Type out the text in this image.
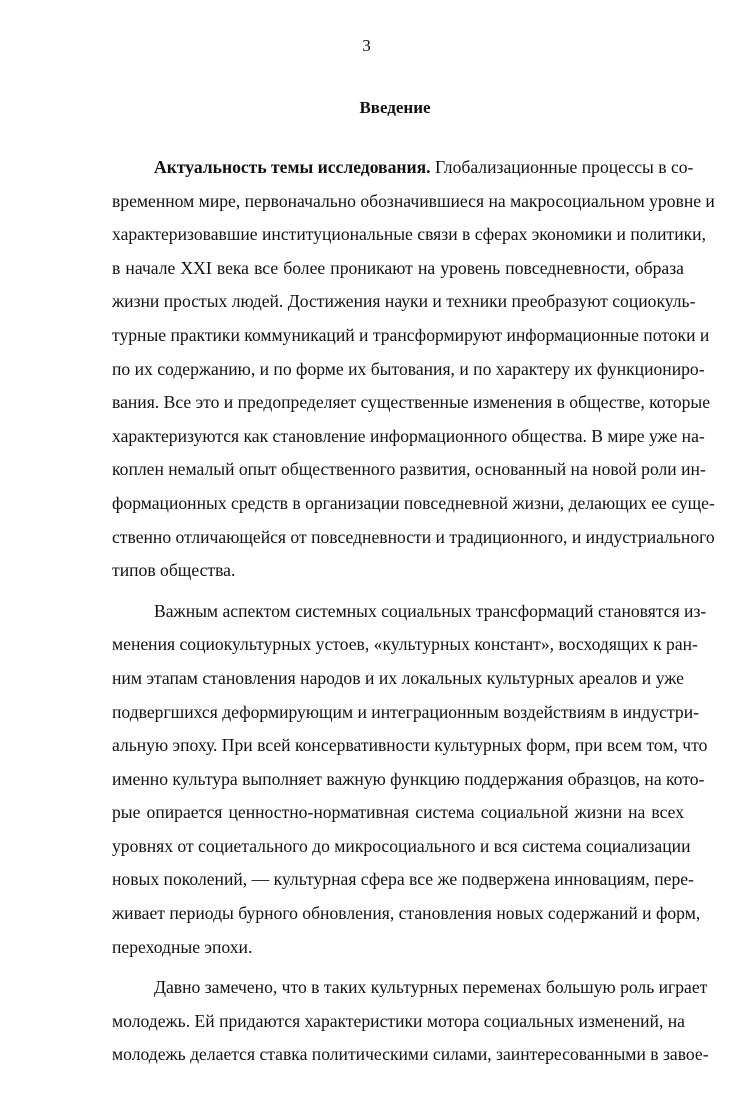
3
Введение
Актуальность темы исследования. Глобализационные процессы в со-
временном мире, первоначально обозначившиеся на макросоциальном уровне и
характеризовавшие институциональные связи в сферах экономики и политики,
в начале XXI века все более проникают на уровень повседневности, образа
жизни простых людей. Достижения науки и техники преобразуют социокуль-
турные практики коммуникаций и трансформируют информационные потоки и
по их содержанию, и по форме их бытования, и по характеру их функциониро-
вания. Все это и предопределяет существенные изменения в обществе, которые
характеризуются как становление информационного общества. В мире уже на-
коплен немалый опыт общественного развития, основанный на новой роли ин-
формационных средств в организации повседневной жизни, делающих ее суще-
ственно отличающейся от повседневности и традиционного, и индустриального
типов общества.
Важным аспектом системных социальных трансформаций становятся из-
менения социокультурных устоев, «культурных констант», восходящих к ран-
ним этапам становления народов и их локальных культурных ареалов и уже
подвергшихся деформирующим и интеграционным воздействиям в индустри-
альную эпоху. При всей консервативности культурных форм, при всем том, что
именно культура выполняет важную функцию поддержания образцов, на кото-
рые опирается ценностно-нормативная система социальной жизни на всех
уровнях от социетального до микросоциального и вся система социализации
новых поколений, — культурная сфера все же подвержена инновациям, пере-
живает периоды бурного обновления, становления новых содержаний и форм,
переходные эпохи.
Давно замечено, что в таких культурных переменах большую роль играет
молодежь. Ей придаются характеристики мотора социальных изменений, на
молодежь делается ставка политическими силами, заинтересованными в завое-
